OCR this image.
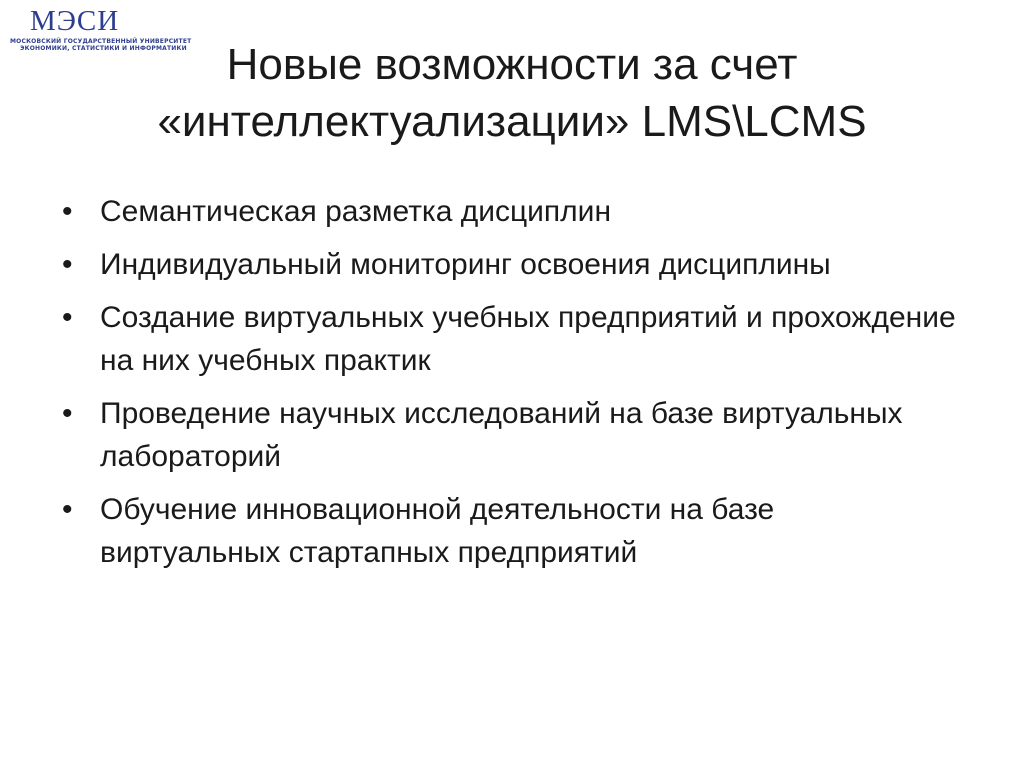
МЭСИ
МОСКОВСКИЙ ГОСУДАРСТВЕННЫЙ УНИВЕРСИТЕТ
ЭКОНОМИКИ, СТАТИСТИКИ И ИНФОРМАТИКИ Новые возможности за счет
«интеллектуализации» LMS\LCMS
• Семантическая разметка дисциплин
• Индивидуальный мониторинг освоения дисциплины
• Создание виртуальных учебных предприятий и прохождение на них учебных практик
• Проведение научных исследований на базе виртуальных лабораторий
• Обучение инновационной деятельности на базе виртуальных стартапных предприятий
